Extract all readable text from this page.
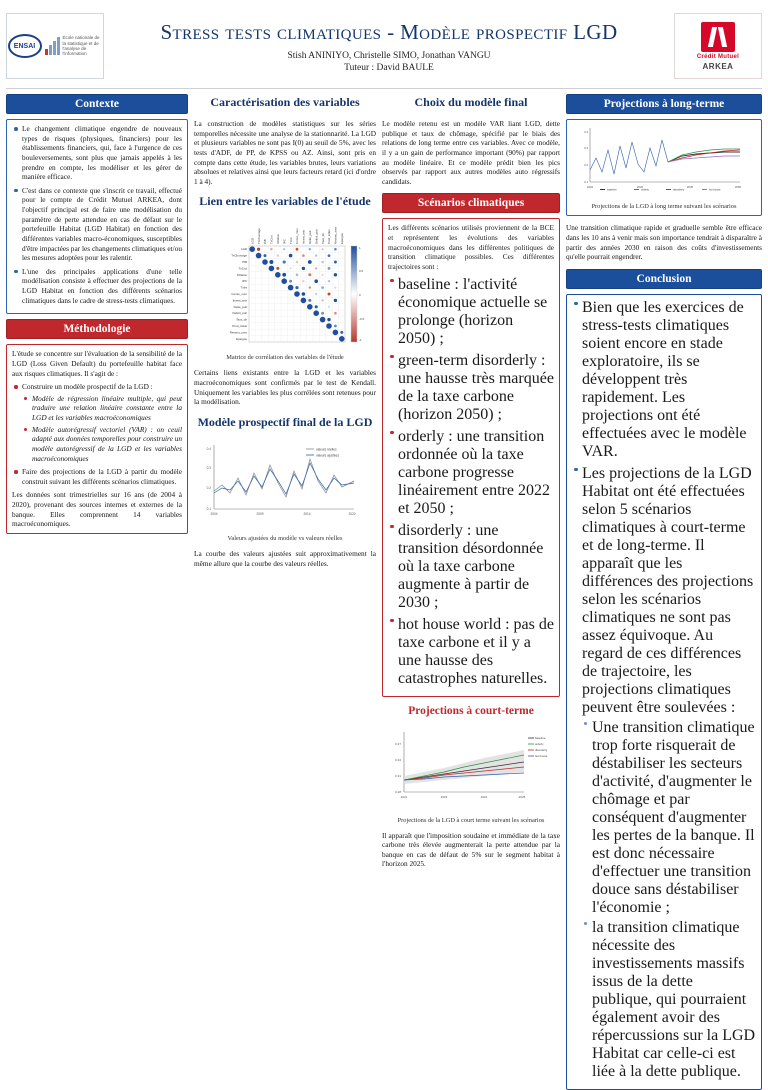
ENSAI
École nationale de la statistique et de l'analyse de l'information
Stress tests climatiques - Modèle prospectif LGD

Stish ANINIYO, Christelle SIMO, Jonathan VANGU

Tuteur : David BAULE

Crédit Mutuel
ARKEA
Contexte
Le changement climatique engendre de nouveaux types de risques (physiques, financiers) pour les établissements financiers, qui, face à l'urgence de ces bouleversements, sont plus que jamais appelés à les prendre en compte, les modéliser et les gérer de manière efficace.
C'est dans ce contexte que s'inscrit ce travail, effectué pour le compte de Crédit Mutuel ARKEA, dont l'objectif principal est de faire une modélisation du paramètre de perte attendue en cas de défaut sur le portefeuille Habitat (LGD Habitat) en fonction des différentes variables macro-économiques, susceptibles d'être impactées par les changements climatiques et/ou les mesures adoptées pour les ralentir.
L'une des principales applications d'une telle modélisation consiste à effectuer des projections de la LGD Habitat en fonction des différents scénarios climatiques dans le cadre de stress-tests climatiques.
Méthodologie

L'étude se concentre sur l'évaluation de la sensibilité de la LGD (Loss Given Default) du portefeuille habitat face aux risques climatiques. Il s'agit de :

Construire un modèle prospectif de la LGD :
Modèle de régression linéaire multiple, qui peut traduire une relation linéaire constante entre la LGD et les variables macroéconomiques
Modèle autorégressif vectoriel (VAR) : on ceuil adapté aux données temporelles pour construire un modèle autorégressif de la LGD et les variables macroéconomiques
Faire des projections de la LGD à partir du modèle construit suivant les différents scénarios climatiques.

Les données sont trimestrielles sur 16 ans (de 2004 à 2020), provenant des sources internes et externes de la banque. Elles comprennent 14 variables macroéconomiques.

Caractérisation des variables

La construction de modèles statistiques sur les séries temporelles nécessite une analyse de la stationnarité. La LGD et plusieurs variables ne sont pas I(0) au seuil de 5%, avec les tests d'ADF, de PP, de KPSS ou AZ. Ainsi, sont pris en compte dans cette étude, les variables brutes, leurs variations absolues et relatives ainsi que leurs facteurs retard (ici d'ordre 1 à 4).

Lien entre les variables de l'étude
LGD
TxChomage
PIB
TxCroi
Inflation
IPC
TxInt
Conso_men
Invest_entr
Dette_pub
Deficit_pub
Taux_dir
Prod_indus
Revenu_men
Epargne
LGD TxChomage PIB TxCroi Inflation IPC TxInt Conso_men Invest_entr Dette_pub Deficit_pub Taux_dir Prod_indus Revenu_men Epargne
1
0.5
0
-0.5
-1
Matrice de corrélation des variables de l'étude

Certains liens existants entre la LGD et les variables macroéconomiques sont confirmés par le test de Kendall. Uniquement les variables les plus corrélées sont retenues pour la modélisation.

Modèle prospectif final de la LGD
0.1
0.2
0.3
0.4
2004	2009	2014	2020
valeurs réelles
valeurs ajustées
Valeurs ajustées du modèle vs valeurs réelles

La courbe des valeurs ajustées suit approximativement la même allure que la courbe des valeurs réelles.

Choix du modèle final

Le modèle retenu est un modèle VAR liant LGD, dette publique et taux de chômage, spécifié par le biais des relations de long terme entre ces variables. Avec ce modèle, il y a un gain de performance important (90%) par rapport au modèle linéaire. Et ce modèle prédit bien les pics observés par rapport aux autres modèles auto régressifs candidats.

Scénarios climatiques

Les différents scénarios utilisés proviennent de la BCE et représentent les évolutions des variables macroéconomiques dans les différentes politiques de transition climatique possibles. Ces différentes trajectoires sont :

baseline : l'activité économique actuelle se prolonge (horizon 2050) ;
green-term disorderly : une hausse très marquée de la taxe carbone (horizon 2050) ;
orderly : une transition ordonnée où la taxe carbone progresse linéairement entre 2022 et 2050 ;
disorderly : une transition désordonnée où la taxe carbone augmente à partir de 2030 ;
hot house world : pas de taxe carbone et il y a une hausse des catastrophes naturelles.
Projections à court-terme
0.28
0.31
0.34
0.37
2021	2023	2024	2025
baseline
orderly
disorderly
hot house
Projections de la LGD à court terme suivant les scénarios

Il apparaît que l'imposition soudaine et immédiate de la taxe carbone très élevée augmenterait la perte attendue par la banque en cas de défaut de 5% sur le segment habitat à l'horizon 2025.

Projections à long-terme
0.1
0.2
0.3
0.4
2004	2020	2035	2050
baseline	orderly	disorderly	hot house
Projections de la LGD à long terme suivant les scénarios

Une transition climatique rapide et graduelle semble être efficace dans les 10 ans à venir mais son importance tendrait à disparaître à partir des années 2030 en raison des coûts d'investissements qu'elle pourrait engendrer.

Conclusion
Bien que les exercices de stress-tests climatiques soient encore en stade exploratoire, ils se développent très rapidement. Les projections ont été effectuées avec le modèle VAR.
Les projections de la LGD Habitat ont été effectuées selon 5 scénarios climatiques à court-terme et de long-terme. Il apparaît que les différences des projections selon les scénarios climatiques ne sont pas assez équivoque. Au regard de ces différences de trajectoire, les projections climatiques peuvent être soulevées :
Une transition climatique trop forte risquerait de déstabiliser les secteurs d'activité, d'augmenter le chômage et par conséquent d'augmenter les pertes de la banque. Il est donc nécessaire d'effectuer une transition douce sans déstabiliser l'économie ;
la transition climatique nécessite des investissements massifs issus de la dette publique, qui pourraient également avoir des répercussions sur la LGD Habitat car celle-ci est liée à la dette publique.
